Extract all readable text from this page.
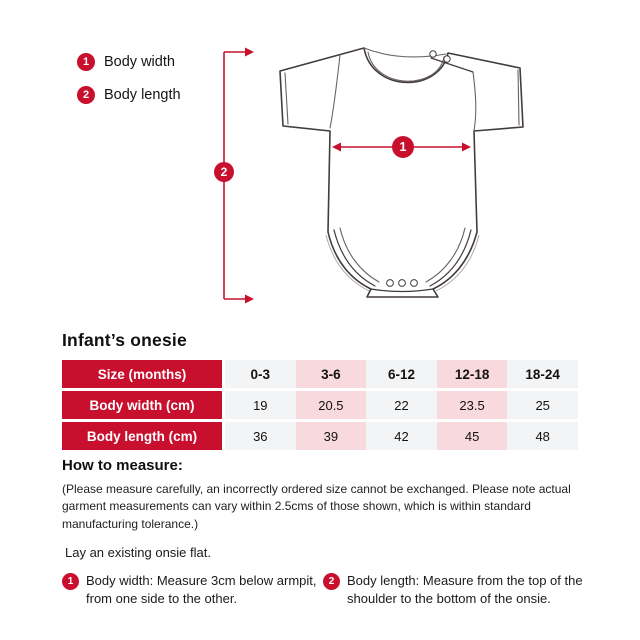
1	Body width
2	Body length
1
2
Infant’s onesie
Size (months)	0-3	3-6	6-12	12-18	18-24
Body width (cm)	19	20.5	22	23.5	25
Body length (cm)	36	39	42	45	48
How to measure:

(Please measure carefully, an incorrectly ordered size cannot be exchanged. Please note actual garment measurements can vary within 2.5cms of those shown, which is within standard manufacturing tolerance.)

Lay an existing onsie flat.

1 Body width: Measure 3cm below armpit, from one side to the other.
2 Body length: Measure from the top of the shoulder to the bottom of the onsie.
